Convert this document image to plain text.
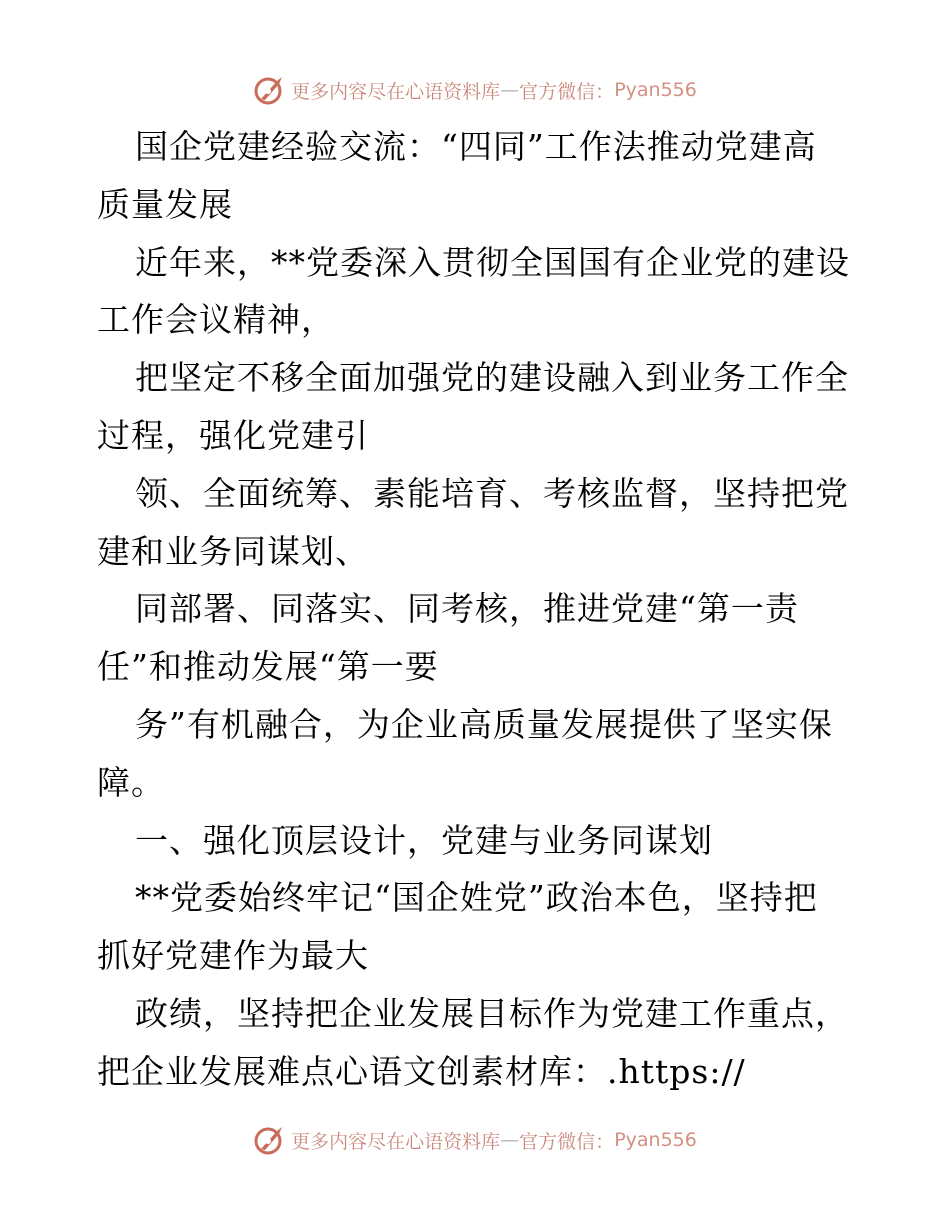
更多内容尽在心语资料库 — 官方微信： Pyan556
国企党建经验交流：“四同”工作法推动党建高
质量发展
近年来，**党委深入贯彻全国国有企业党的建设
工作会议精神，
把坚定不移全面加强党的建设融入到业务工作全
过程，强化党建引
领、全面统筹、素能培育、考核监督，坚持把党
建和业务同谋划、
同部署、同落实、同考核，推进党建“第一责
任”和推动发展“第一要
务”有机融合，为企业高质量发展提供了坚实保
障。
一、强化顶层设计，党建与业务同谋划
**党委始终牢记“国企姓党”政治本色，坚持把
抓好党建作为最大
政绩，坚持把企业发展目标作为党建工作重点，
把企业发展难点心语文创素材库：.https://
更多内容尽在心语资料库 — 官方微信： Pyan556
